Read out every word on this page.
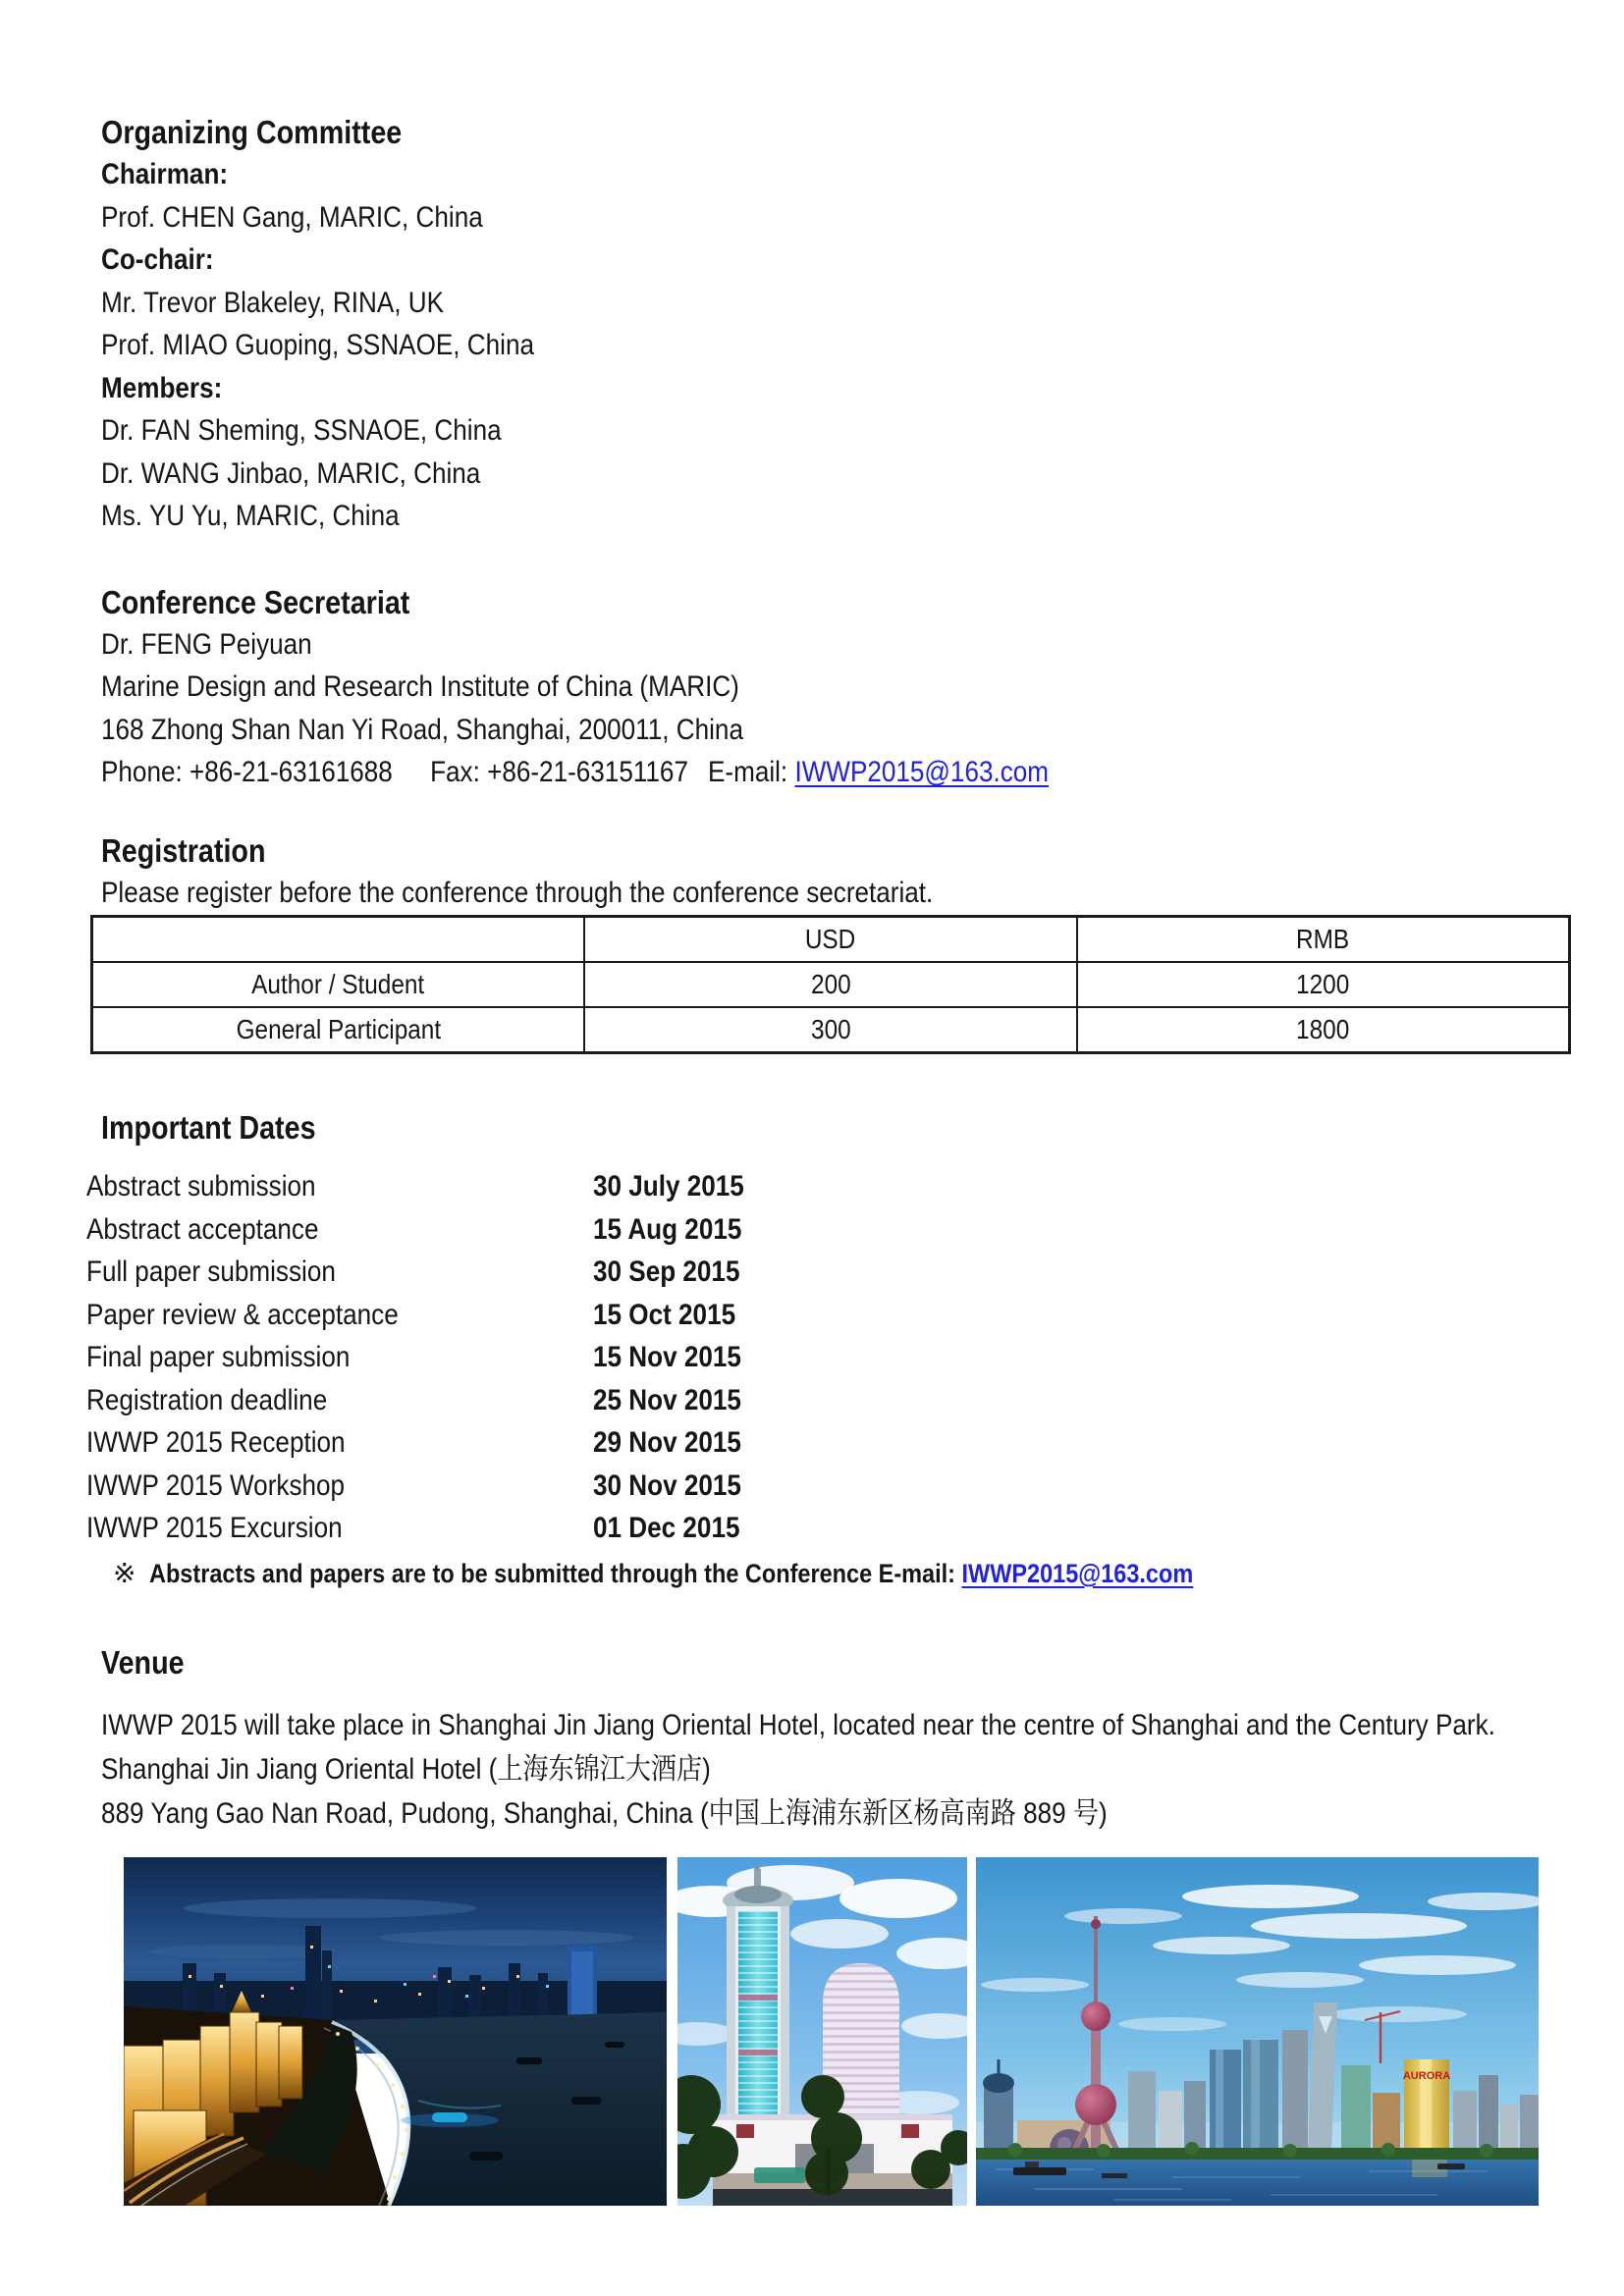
Organizing Committee
Chairman:
Prof. CHEN Gang, MARIC, China
Co-chair:
Mr. Trevor Blakeley, RINA, UK
Prof. MIAO Guoping, SSNAOE, China
Members:
Dr. FAN Sheming, SSNAOE, China
Dr. WANG Jinbao, MARIC, China
Ms. YU Yu, MARIC, China
Conference Secretariat
Dr. FENG Peiyuan
Marine Design and Research Institute of China (MARIC)
168 Zhong Shan Nan Yi Road, Shanghai, 200011, China
Phone: +86-21-63161688 Fax: +86-21-63151167 E-mail: IWWP2015@163.com
Registration
Please register before the conference through the conference secretariat.
	USD	RMB
Author / Student	200	1200
General Participant	300	1800
Important Dates
Abstract submission	30 July 2015
Abstract acceptance	15 Aug 2015
Full paper submission	30 Sep 2015
Paper review & acceptance	15 Oct 2015
Final paper submission	15 Nov 2015
Registration deadline	25 Nov 2015
IWWP 2015 Reception	29 Nov 2015
IWWP 2015 Workshop	30 Nov 2015
IWWP 2015 Excursion	01 Dec 2015
※ Abstracts and papers are to be submitted through the Conference E-mail: IWWP2015@163.com
Venue
IWWP 2015 will take place in Shanghai Jin Jiang Oriental Hotel, located near the centre of Shanghai and the Century Park.
Shanghai Jin Jiang Oriental Hotel (上海东锦江大酒店)
889 Yang Gao Nan Road, Pudong, Shanghai, China (中国上海浦东新区杨高南路 889 号)
AURORA
